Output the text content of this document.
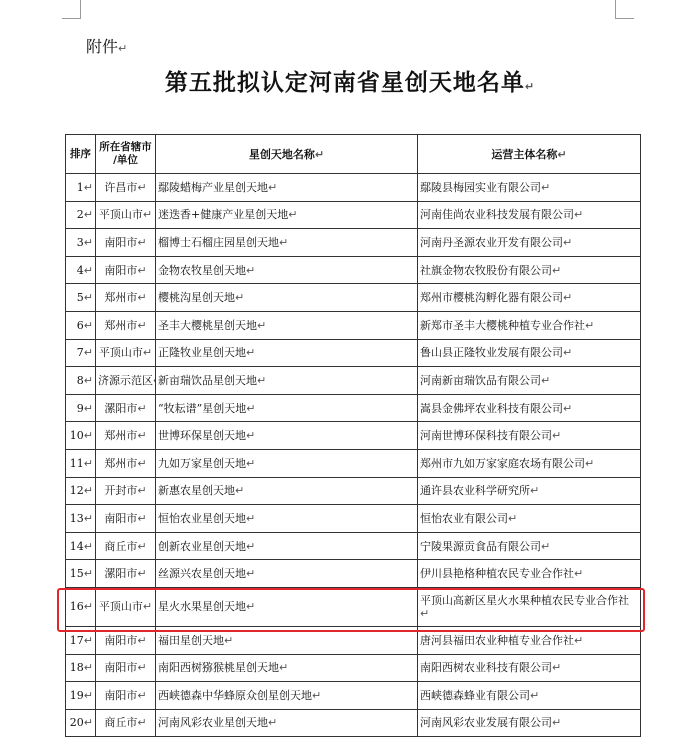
附件↵
第五批拟认定河南省星创天地名单↵
排序	所在省辖市
/单位	星创天地名称↵	运营主体名称↵
1↵	许昌市↵	鄢陵蜡梅产业星创天地↵	鄢陵县梅园实业有限公司↵
2↵	平顶山市↵	迷迭香+健康产业星创天地↵	河南佳尚农业科技发展有限公司↵
3↵	南阳市↵	榴博士石榴庄园星创天地↵	河南丹圣源农业开发有限公司↵
4↵	南阳市↵	金物农牧星创天地↵	社旗金物农牧股份有限公司↵
5↵	郑州市↵	樱桃沟星创天地↵	郑州市樱桃沟孵化器有限公司↵
6↵	郑州市↵	圣丰大樱桃星创天地↵	新郑市圣丰大樱桃种植专业合作社↵
7↵	平顶山市↵	正隆牧业星创天地↵	鲁山县正隆牧业发展有限公司↵
8↵	济源示范区	新亩瑞饮品星创天地↵	河南新亩瑞饮品有限公司↵
9↵	漯阳市↵	“牧耘谱”星创天地↵	嵩县金佛坪农业科技有限公司↵
10↵	郑州市↵	世博环保星创天地↵	河南世博环保科技有限公司↵
11↵	郑州市↵	九如万家星创天地↵	郑州市九如万家家庭农场有限公司↵
12↵	开封市↵	新惠农星创天地↵	通许县农业科学研究所↵
13↵	南阳市↵	恒怡农业星创天地↵	恒怡农业有限公司↵
14↵	商丘市↵	创新农业星创天地↵	宁陵果源贡食品有限公司↵
15↵	漯阳市↵	丝源兴农星创天地↵	伊川县艳格种植农民专业合作社↵
16↵	平顶山市↵	星火水果星创天地↵	平顶山高新区星火水果种植农民专业合作社↵
17↵	南阳市↵	福田星创天地↵	唐河县福田农业种植专业合作社↵
18↵	南阳市↵	南阳西树猕猴桃星创天地↵	南阳西树农业科技有限公司↵
19↵	南阳市↵	西峡德森中华蜂原众创星创天地↵	西峡德森蜂业有限公司↵
20↵	商丘市↵	河南风彩农业星创天地↵	河南风彩农业发展有限公司↵
